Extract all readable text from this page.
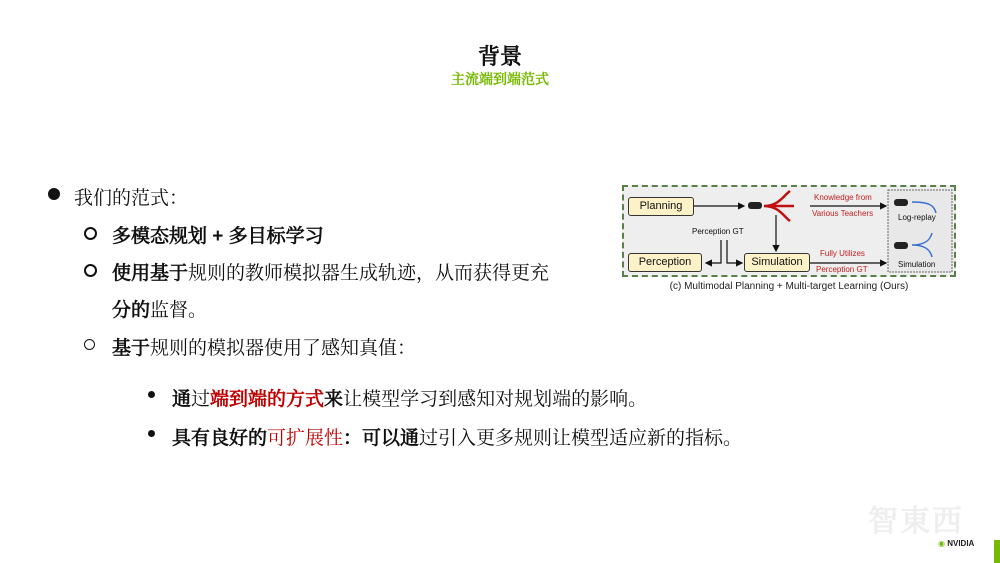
背景
主流端到端范式
我们的范式：
多模态规划 + 多目标学习
使用基于规则的教师模拟器生成轨迹，从而获得更充
分的监督。
基于规则的模拟器使用了感知真值：
通过端到端的方式来让模型学习到感知对规划端的影响。
具有良好的可扩展性：可以通过引入更多规则让模型适应新的指标。
Planning
Perception	Simulation
Perception GT
Knowledge from
Various Teachers
Fully Utilizes
Perception GT
Log-replay
Simulation
(c) Multimodal Planning + Multi-target Learning (Ours)
智東西
◉ NVIDIA
